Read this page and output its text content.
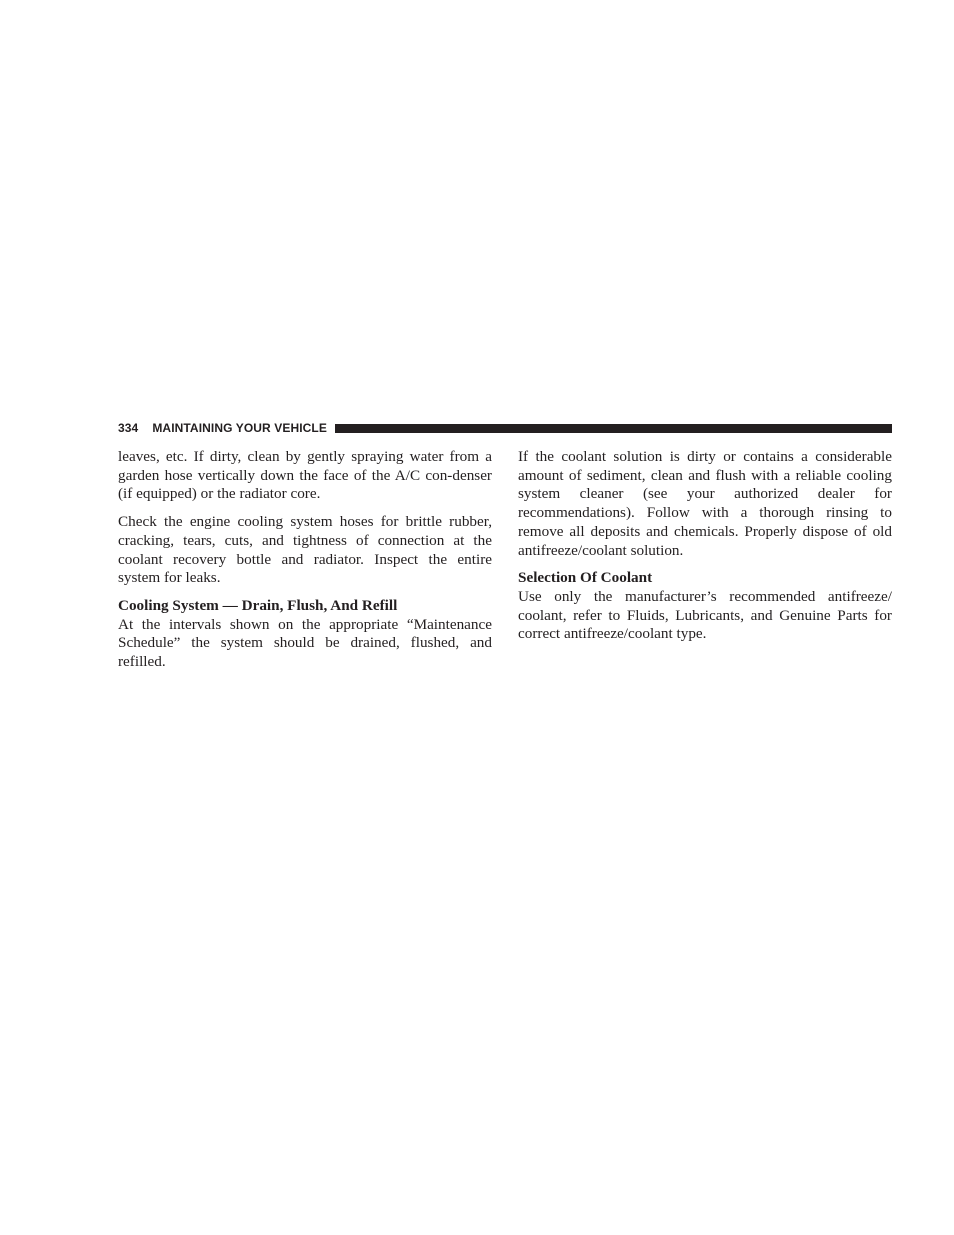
334 MAINTAINING YOUR VEHICLE

leaves, etc. If dirty, clean by gently spraying water from a garden hose vertically down the face of the A/C con-denser (if equipped) or the radiator core.

Check the engine cooling system hoses for brittle rubber, cracking, tears, cuts, and tightness of connection at the coolant recovery bottle and radiator. Inspect the entire system for leaks.

Cooling System — Drain, Flush, And Refill

At the intervals shown on the appropriate “Maintenance Schedule” the system should be drained, flushed, and refilled.

If the coolant solution is dirty or contains a considerable amount of sediment, clean and flush with a reliable cooling system cleaner (see your authorized dealer for recommendations). Follow with a thorough rinsing to remove all deposits and chemicals. Properly dispose of old antifreeze/coolant solution.

Selection Of Coolant

Use only the manufacturer’s recommended antifreeze/ coolant, refer to Fluids, Lubricants, and Genuine Parts for correct antifreeze/coolant type.
